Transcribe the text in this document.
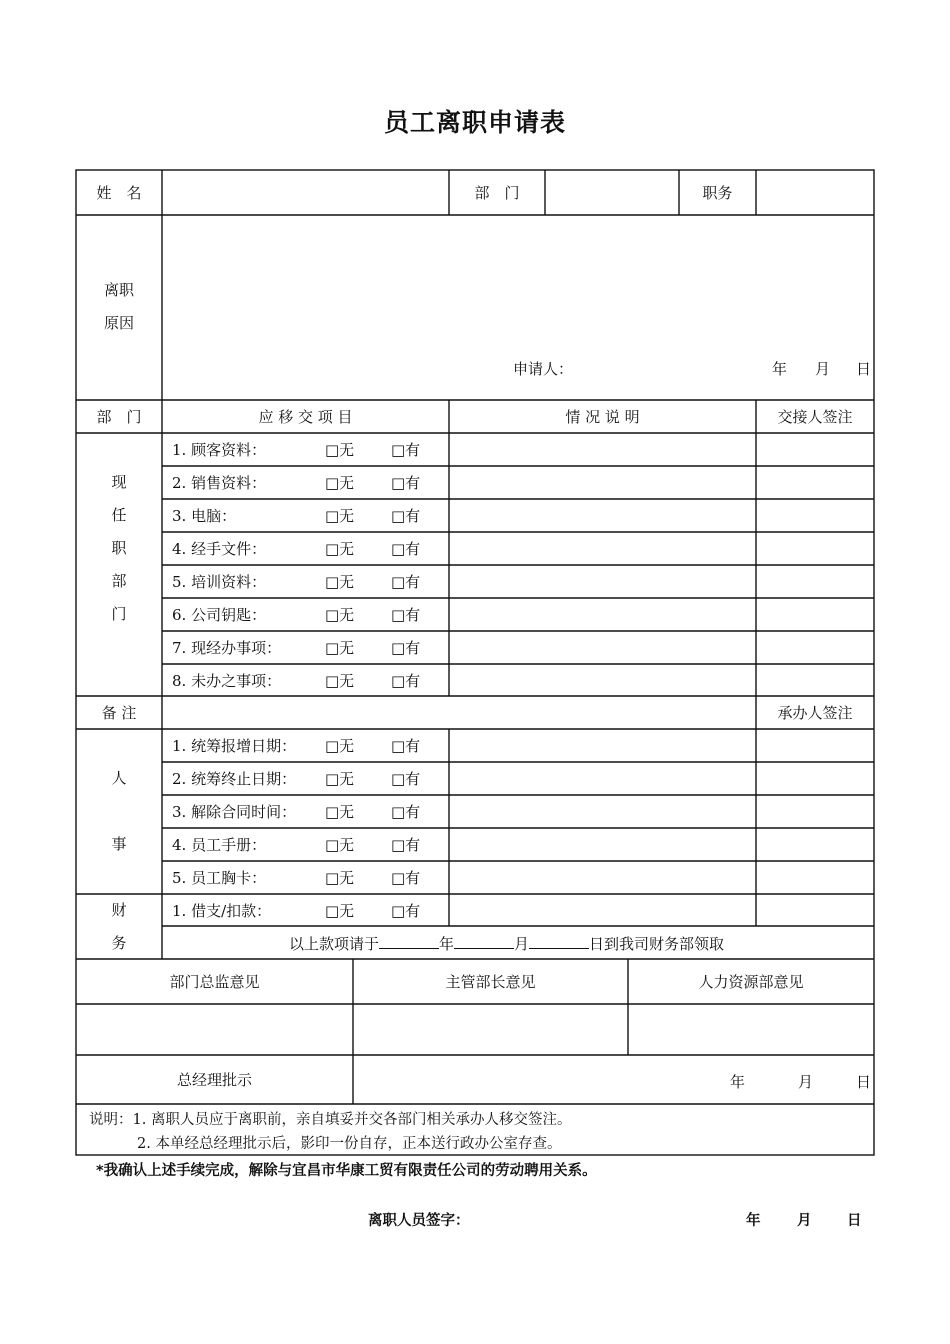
员工离职申请表
姓　名	部　门	职务
离职
原因
申请人：	年 月 日
部　门	应 移 交 项 目	情 况 说 明	交接人签注
现
任
职
部
门
1. 顾客资料：	□无 □有
2. 销售资料：	□无 □有
3. 电脑：	□无 □有
4. 经手文件：	□无 □有
5. 培训资料：	□无 □有
6. 公司钥匙：	□无 □有
7. 现经办事项：	□无 □有
8. 未办之事项：	□无 □有
备 注	承办人签注
人
事
1. 统筹报增日期： □无 □有
2. 统筹终止日期： □无 □有
3. 解除合同时间： □无 □有
4. 员工手册：	□无 □有
5. 员工胸卡：	□无 □有
财
务
1. 借支/扣款：	□无 □有
以上款项请于	年	月	日到我司财务部领取
部门总监意见	主管部长意见	人力资源部意见
总经理批示	年	月	日
说明：1. 离职人员应于离职前，亲自填妥并交各部门相关承办人移交签注。
2. 本单经总经理批示后，影印一份自存，正本送行政办公室存查。
*我确认上述手续完成，解除与宜昌市华康工贸有限责任公司的劳动聘用关系。
离职人员签字：	年	月 日
